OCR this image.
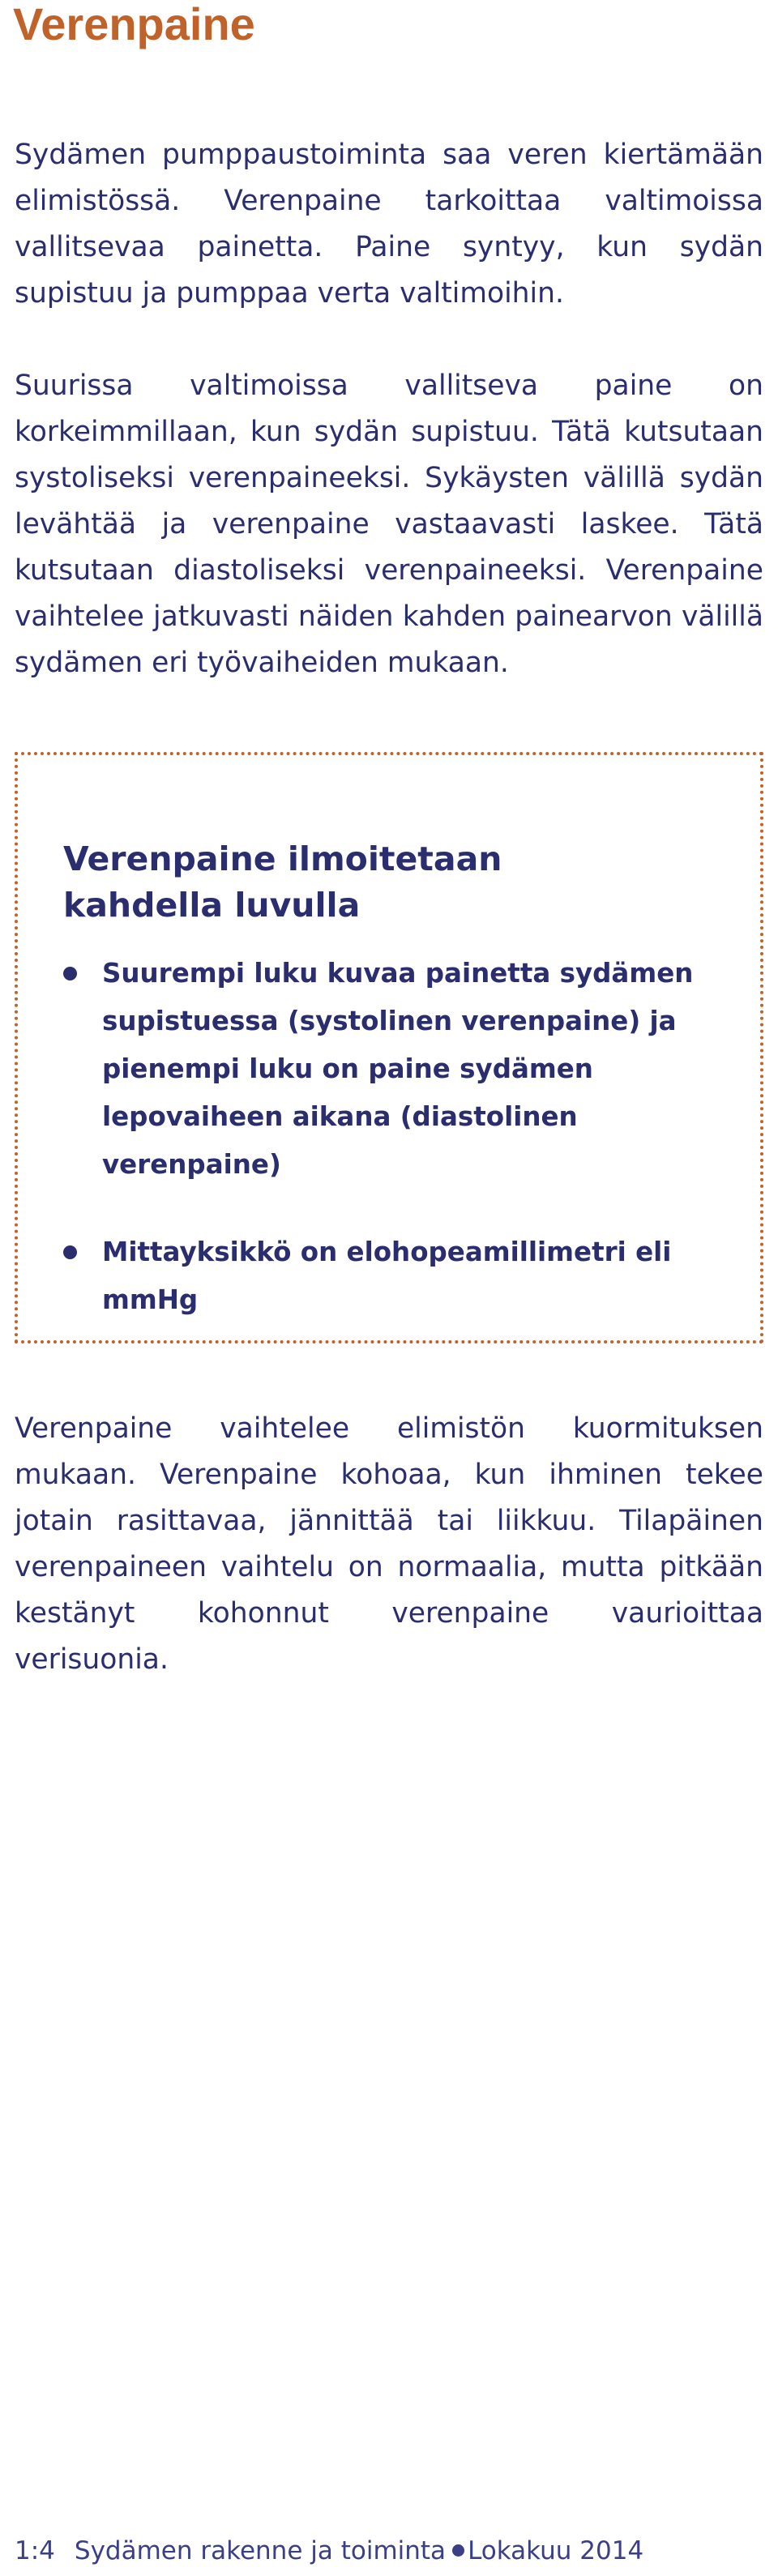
Verenpaine

Sydämen pumppaustoiminta saa veren kiertämään elimistössä. Verenpaine tarkoittaa valtimoissa vallitsevaa painetta. Paine syntyy, kun sydän supistuu ja pumppaa verta valtimoihin.

Suurissa valtimoissa vallitseva paine on korkeimmillaan, kun sydän supistuu. Tätä kutsutaan systoliseksi verenpaineeksi. Sykäysten välillä sydän levähtää ja verenpaine vastaavasti laskee. Tätä kutsutaan diastoliseksi verenpaineeksi. Verenpaine vaihtelee jatkuvasti näiden kahden painearvon välillä sydämen eri työvaiheiden mukaan.

Verenpaine ilmoitetaan kahdella luvulla
Suurempi luku kuvaa painetta sydämen supistuessa (systolinen verenpaine) ja pienempi luku on paine sydämen lepovaiheen aikana (diastolinen verenpaine)
Mittayksikkö on elohopeamillimetri eli mmHg

Verenpaine vaihtelee elimistön kuormituksen mukaan. Verenpaine kohoaa, kun ihminen tekee jotain rasittavaa, jännittää tai liikkuu. Tilapäinen verenpaineen vaihtelu on normaalia, mutta pitkään kestänyt kohonnut verenpaine vaurioittaa verisuonia.

1:4 Sydämen rakenne ja toiminta Lokakuu 2014
